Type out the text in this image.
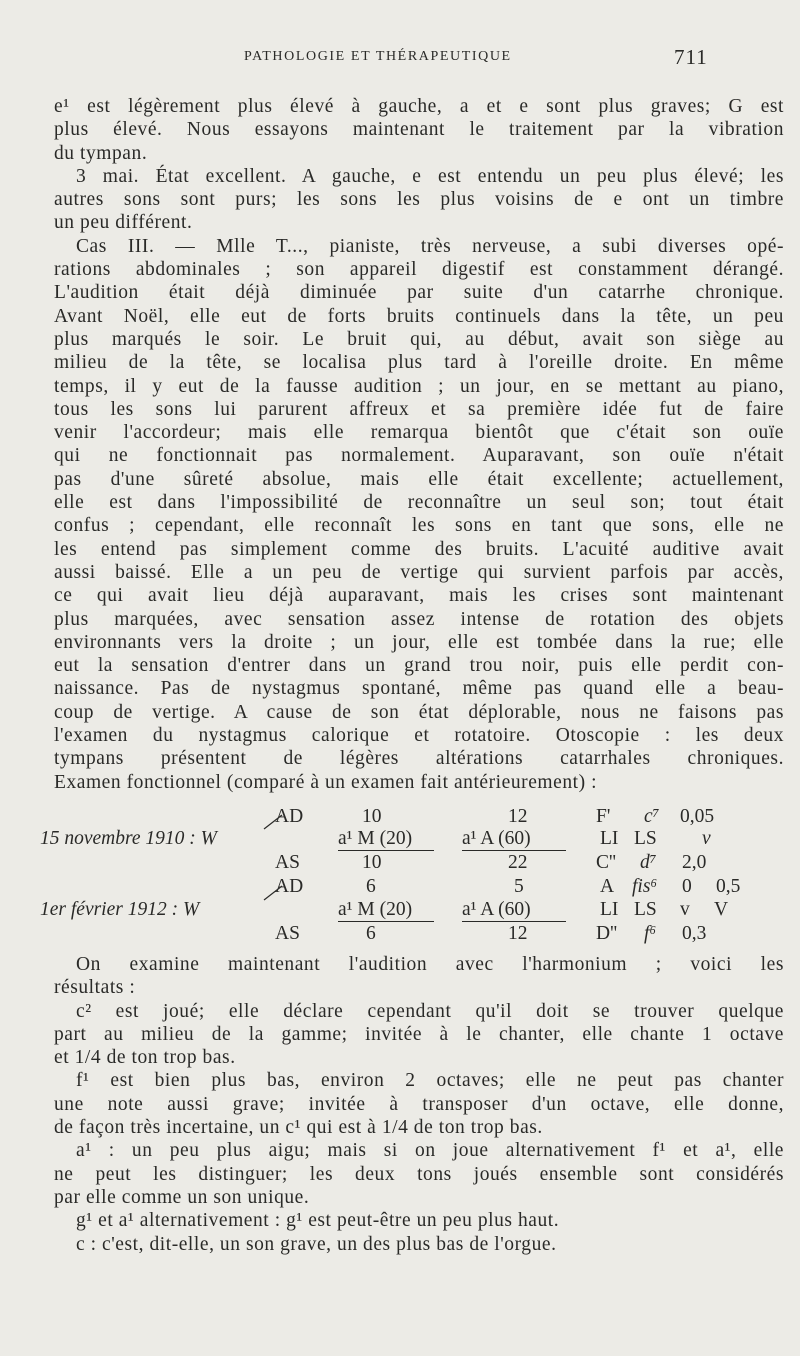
PATHOLOGIE ET THÉRAPEUTIQUE	711
e¹ est légèrement plus élevé à gauche, a et e sont plus graves; G est
plus élevé. Nous essayons maintenant le traitement par la vibration
du tympan.
3 mai. État excellent. A gauche, e est entendu un peu plus élevé; les
autres sons sont purs; les sons les plus voisins de e ont un timbre
un peu différent.
Cas III. — Mlle T..., pianiste, très nerveuse, a subi diverses opé-
rations abdominales ; son appareil digestif est constamment dérangé.
L'audition était déjà diminuée par suite d'un catarrhe chronique.
Avant Noël, elle eut de forts bruits continuels dans la tête, un peu
plus marqués le soir. Le bruit qui, au début, avait son siège au
milieu de la tête, se localisa plus tard à l'oreille droite. En même
temps, il y eut de la fausse audition ; un jour, en se mettant au piano,
tous les sons lui parurent affreux et sa première idée fut de faire
venir l'accordeur; mais elle remarqua bientôt que c'était son ouïe
qui ne fonctionnait pas normalement. Auparavant, son ouïe n'était
pas d'une sûreté absolue, mais elle était excellente; actuellement,
elle est dans l'impossibilité de reconnaître un seul son; tout était
confus ; cependant, elle reconnaît les sons en tant que sons, elle ne
les entend pas simplement comme des bruits. L'acuité auditive avait
aussi baissé. Elle a un peu de vertige qui survient parfois par accès,
ce qui avait lieu déjà auparavant, mais les crises sont maintenant
plus marquées, avec sensation assez intense de rotation des objets
environnants vers la droite ; un jour, elle est tombée dans la rue; elle
eut la sensation d'entrer dans un grand trou noir, puis elle perdit con-
naissance. Pas de nystagmus spontané, même pas quand elle a beau-
coup de vertige. A cause de son état déplorable, nous ne faisons pas
l'examen du nystagmus calorique et rotatoire. Otoscopie : les deux
tympans présentent de légères altérations catarrhales chroniques.
Examen fonctionnel (comparé à un examen fait antérieurement) :
AD	10	12	F' c⁷ 0,05
15 novembre 1910 : W	a¹ M (20)	a¹ A (60)	LI LS v
AS	10	22	C'' d⁷ 2,0
AD	6	5	A fis⁶ 0 0,5
1er février 1912 : W	a¹ M (20)	a¹ A (60)	LI LS v V
AS	6	12	D'' f⁶ 0,3
On examine maintenant l'audition avec l'harmonium ; voici les
résultats :
c² est joué; elle déclare cependant qu'il doit se trouver quelque
part au milieu de la gamme; invitée à le chanter, elle chante 1 octave
et 1/4 de ton trop bas.
f¹ est bien plus bas, environ 2 octaves; elle ne peut pas chanter
une note aussi grave; invitée à transposer d'un octave, elle donne,
de façon très incertaine, un c¹ qui est à 1/4 de ton trop bas.
a¹ : un peu plus aigu; mais si on joue alternativement f¹ et a¹, elle
ne peut les distinguer; les deux tons joués ensemble sont considérés
par elle comme un son unique.
g¹ et a¹ alternativement : g¹ est peut-être un peu plus haut.
c : c'est, dit-elle, un son grave, un des plus bas de l'orgue.
